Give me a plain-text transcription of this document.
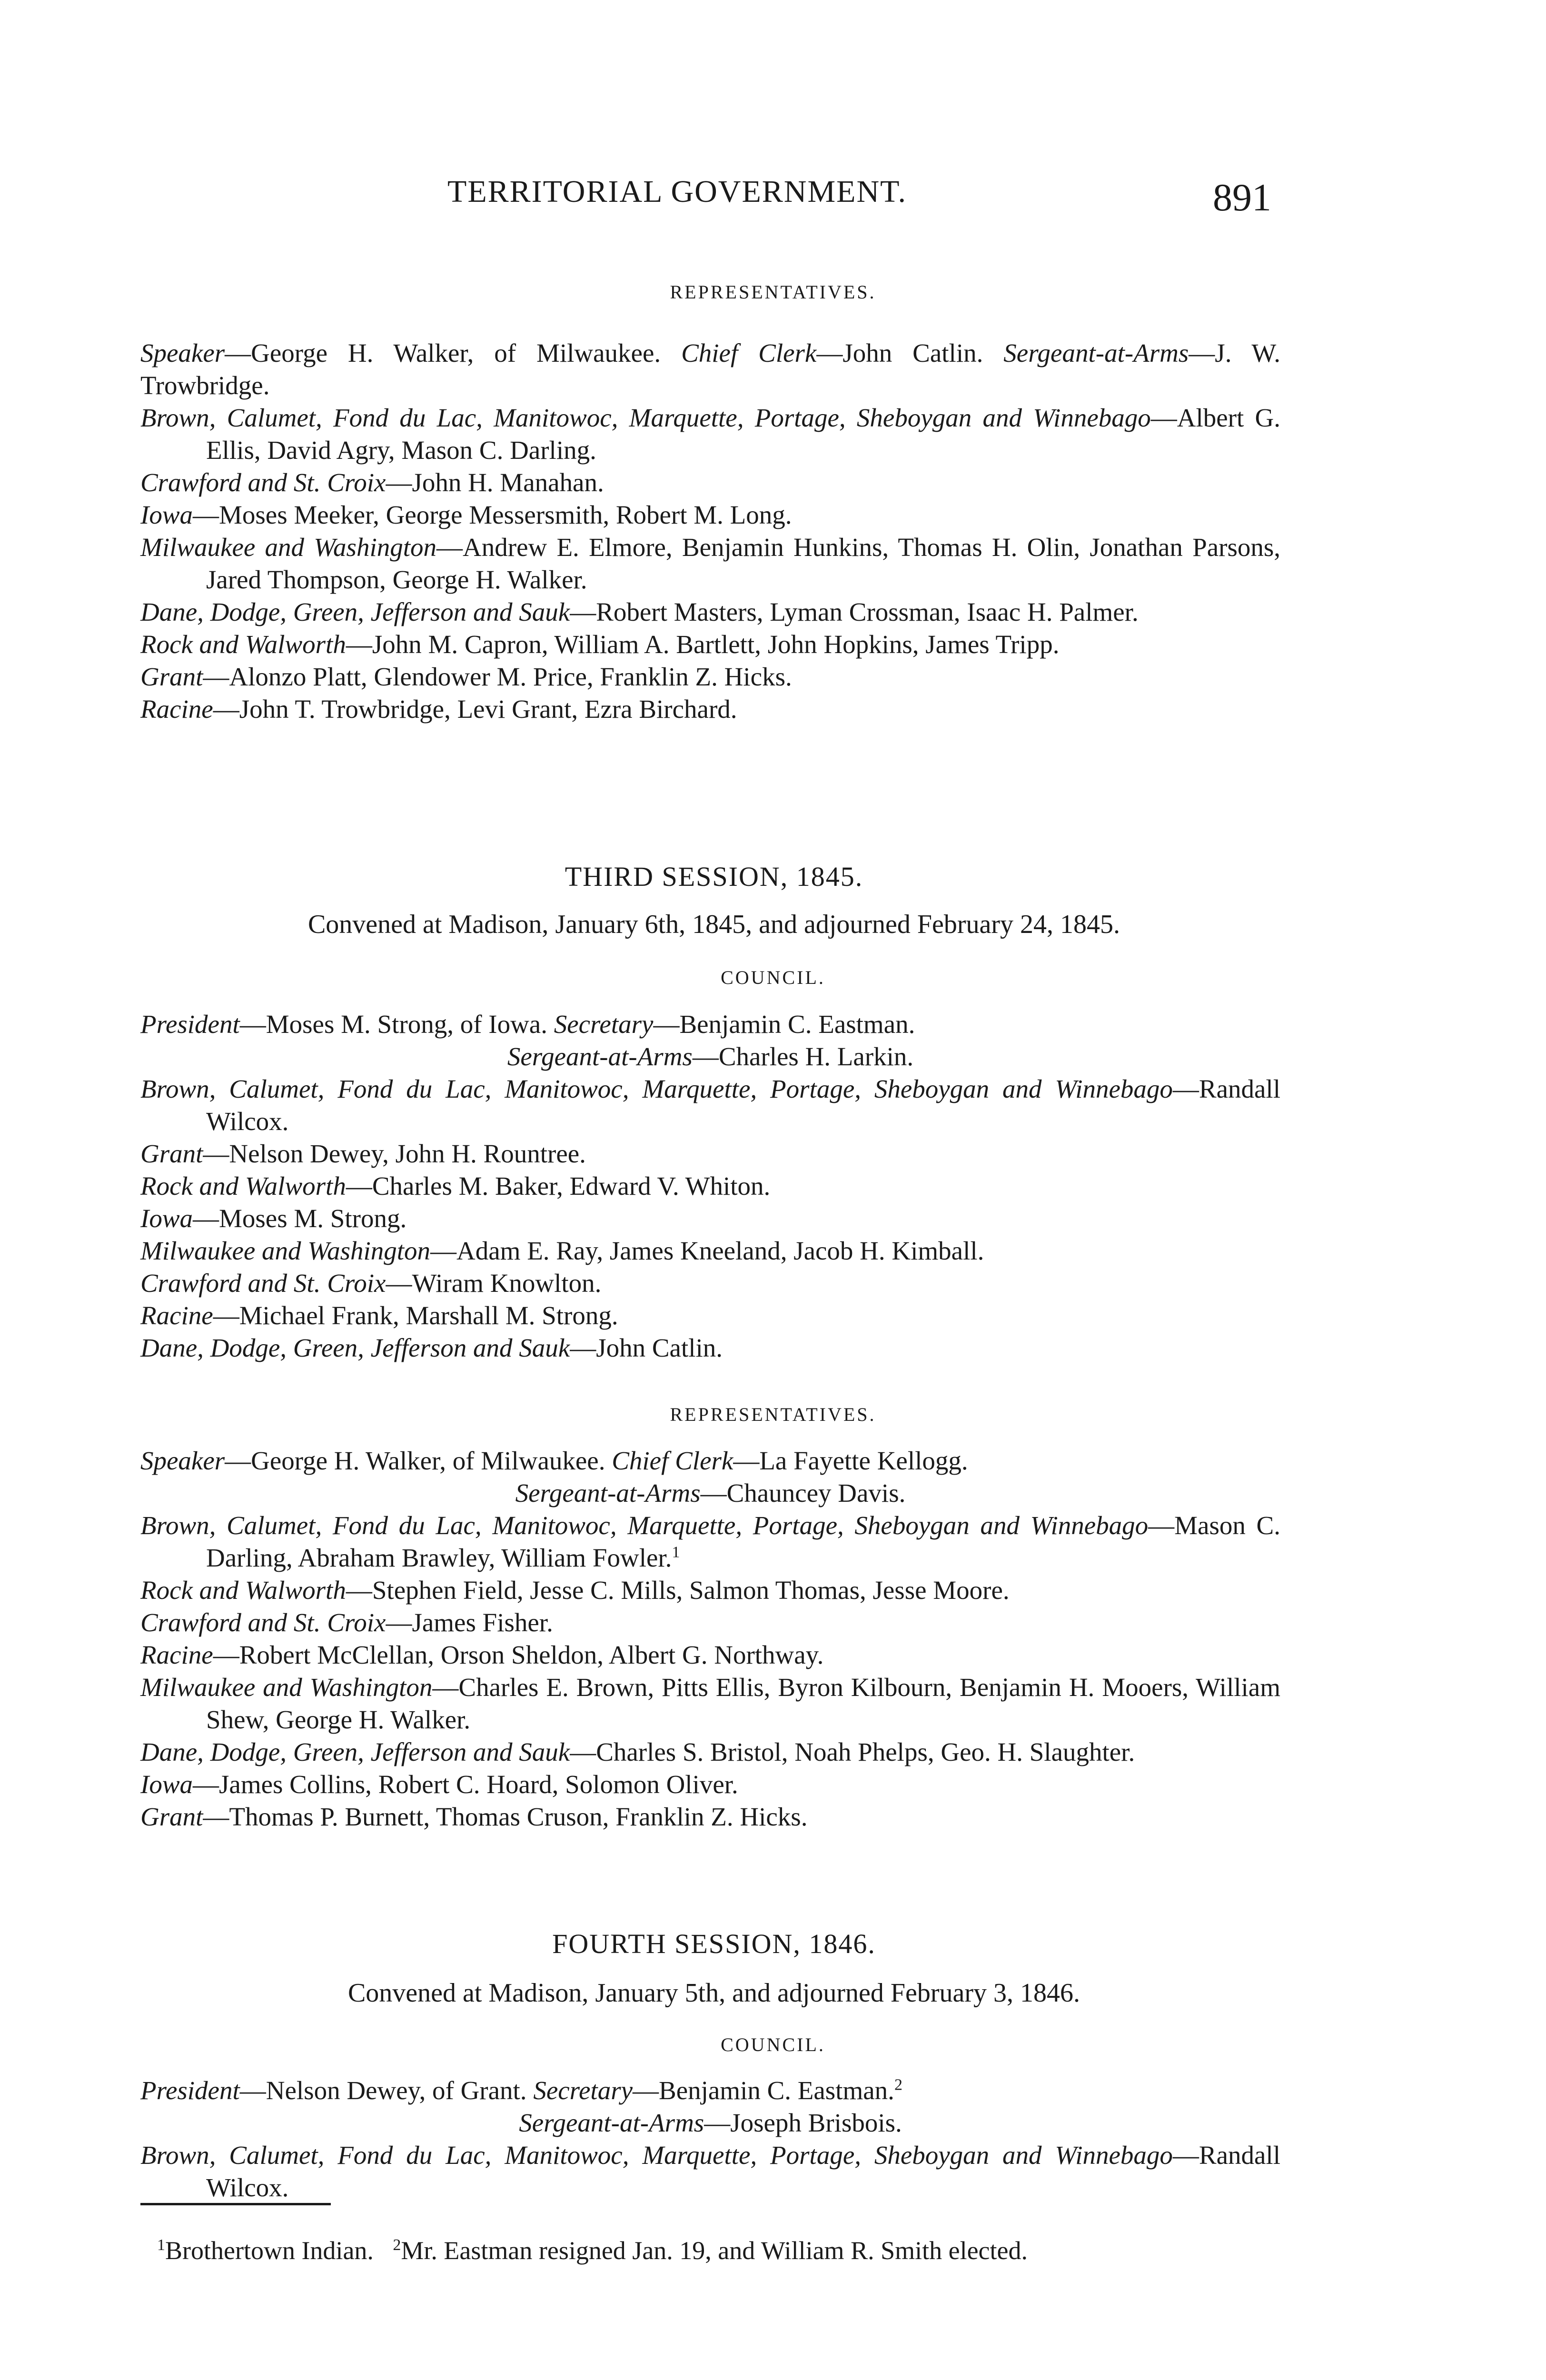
TERRITORIAL GOVERNMENT.	891
REPRESENTATIVES.

Speaker—George H. Walker, of Milwaukee. Chief Clerk—John Catlin. Sergeant-at-Arms—J. W. Trowbridge.

Brown, Calumet, Fond du Lac, Manitowoc, Marquette, Portage, Sheboygan and Winnebago—Albert G. Ellis, David Agry, Mason C. Darling.

Crawford and St. Croix—John H. Manahan.

Iowa—Moses Meeker, George Messersmith, Robert M. Long.

Milwaukee and Washington—Andrew E. Elmore, Benjamin Hunkins, Thomas H. Olin, Jonathan Parsons, Jared Thompson, George H. Walker.

Dane, Dodge, Green, Jefferson and Sauk—Robert Masters, Lyman Crossman, Isaac H. Palmer.

Rock and Walworth—John M. Capron, William A. Bartlett, John Hopkins, James Tripp.

Grant—Alonzo Platt, Glendower M. Price, Franklin Z. Hicks.

Racine—John T. Trowbridge, Levi Grant, Ezra Birchard.

THIRD SESSION, 1845.
Convened at Madison, January 6th, 1845, and adjourned February 24, 1845.
COUNCIL.

President—Moses M. Strong, of Iowa. Secretary—Benjamin C. Eastman.
Sergeant-at-Arms—Charles H. Larkin.

Brown, Calumet, Fond du Lac, Manitowoc, Marquette, Portage, Sheboygan and Winnebago—Randall Wilcox.

Grant—Nelson Dewey, John H. Rountree.

Rock and Walworth—Charles M. Baker, Edward V. Whiton.

Iowa—Moses M. Strong.

Milwaukee and Washington—Adam E. Ray, James Kneeland, Jacob H. Kimball.

Crawford and St. Croix—Wiram Knowlton.

Racine—Michael Frank, Marshall M. Strong.

Dane, Dodge, Green, Jefferson and Sauk—John Catlin.

REPRESENTATIVES.

Speaker—George H. Walker, of Milwaukee. Chief Clerk—La Fayette Kellogg.
Sergeant-at-Arms—Chauncey Davis.

Brown, Calumet, Fond du Lac, Manitowoc, Marquette, Portage, Sheboygan and Winnebago—Mason C. Darling, Abraham Brawley, William Fowler.$^1$

Rock and Walworth—Stephen Field, Jesse C. Mills, Salmon Thomas, Jesse Moore.

Crawford and St. Croix—James Fisher.

Racine—Robert McClellan, Orson Sheldon, Albert G. Northway.

Milwaukee and Washington—Charles E. Brown, Pitts Ellis, Byron Kilbourn, Benjamin H. Mooers, William Shew, George H. Walker.

Dane, Dodge, Green, Jefferson and Sauk—Charles S. Bristol, Noah Phelps, Geo. H. Slaughter.

Iowa—James Collins, Robert C. Hoard, Solomon Oliver.

Grant—Thomas P. Burnett, Thomas Cruson, Franklin Z. Hicks.

FOURTH SESSION, 1846.
Convened at Madison, January 5th, and adjourned February 3, 1846.
COUNCIL.

President—Nelson Dewey, of Grant. Secretary—Benjamin C. Eastman.$^2$
Sergeant-at-Arms—Joseph Brisbois.

Brown, Calumet, Fond du Lac, Manitowoc, Marquette, Portage, Sheboygan and Winnebago—Randall Wilcox.

$^1$Brothertown Indian. $^2$Mr. Eastman resigned Jan. 19, and William R. Smith elected.
